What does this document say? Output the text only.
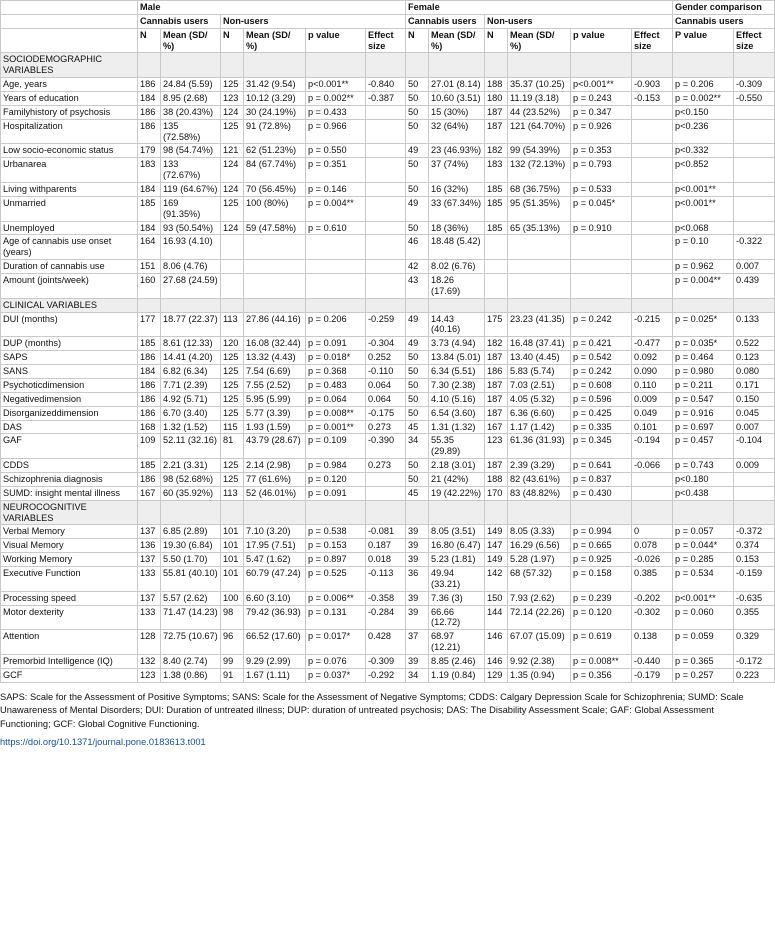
	Male						Female						Gender comparison	
	Cannabis users		Non-users				Cannabis users		Non-users				Cannabis users	
	N	Mean (SD/ %)	N	Mean (SD/ %)	p value	Effect size	N	Mean (SD/ %)	N	Mean (SD/ %)	p value	Effect size	P value	Effect size
SOCIODEMOGRAPHIC VARIABLES														
Age, years	186	24.84 (5.59)	125	31.42 (9.54)	p<0.001**	-0.840	50	27.01 (8.14)	188	35.37 (10.25)	p<0.001**	-0.903	p = 0.206	-0.309
Years of education	184	8.95 (2.68)	123	10.12 (3.29)	p = 0.002**	-0.387	50	10.60 (3.51)	180	11.19 (3.18)	p = 0.243	-0.153	p = 0.002**	-0.550
Familyhistory of psychosis	186	38 (20.43%)	124	30 (24.19%)	p = 0.433		50	15 (30%)	187	44 (23.52%)	p = 0.347		p<0.150	
Hospitalization	186	135 (72.58%)	125	91 (72.8%)	p = 0.966		50	32 (64%)	187	121 (64.70%)	p = 0.926		p<0.236	
Low socio-economic status	179	98 (54.74%)	121	62 (51.23%)	p = 0.550		49	23 (46.93%)	182	99 (54.39%)	p = 0.353		p<0.332	
Urbanarea	183	133 (72.67%)	124	84 (67.74%)	p = 0.351		50	37 (74%)	183	132 (72.13%)	p = 0.793		p<0.852	
Living withparents	184	119 (64.67%)	124	70 (56.45%)	p = 0.146		50	16 (32%)	185	68 (36.75%)	p = 0.533		p<0.001**	
Unmarried	185	169 (91.35%)	125	100 (80%)	p = 0.004**		49	33 (67.34%)	185	95 (51.35%)	p = 0.045*		p<0.001**	
Unemployed	184	93 (50.54%)	124	59 (47.58%)	p = 0.610		50	18 (36%)	185	65 (35.13%)	p = 0.910		p<0.068	
Age of cannabis use onset (years)	164	16.93 (4.10)					46	18.48 (5.42)					p = 0.10	-0.322
Duration of cannabis use	151	8.06 (4.76)					42	8.02 (6.76)					p = 0.962	0.007
Amount (joints/week)	160	27.68 (24.59)					43	18.26 (17.69)					p = 0.004**	0.439
CLINICAL VARIABLES														
DUI (months)	177	18.77 (22.37)	113	27.86 (44.16)	p = 0.206	-0.259	49	14.43 (40.16)	175	23.23 (41.35)	p = 0.242	-0.215	p = 0.025*	0.133
DUP (months)	185	8.61 (12.33)	120	16.08 (32.44)	p = 0.091	-0.304	49	3.73 (4.94)	182	16.48 (37.41)	p = 0.421	-0.477	p = 0.035*	0.522
SAPS	186	14.41 (4.20)	125	13.32 (4.43)	p = 0.018*	0.252	50	13.84 (5.01)	187	13.40 (4.45)	p = 0.542	0.092	p = 0.464	0.123
SANS	184	6.82 (6.34)	125	7.54 (6.69)	p = 0.368	-0.110	50	6.34 (5.51)	186	5.83 (5.74)	p = 0.242	0.090	p = 0.980	0.080
Psychoticdimension	186	7.71 (2.39)	125	7.55 (2.52)	p = 0.483	0.064	50	7.30 (2.38)	187	7.03 (2.51)	p = 0.608	0.110	p = 0.211	0.171
Negativedimension	186	4.92 (5.71)	125	5.95 (5.99)	p = 0.064	0.064	50	4.10 (5.16)	187	4.05 (5.32)	p = 0.596	0.009	p = 0.547	0.150
Disorganizeddimension	186	6.70 (3.40)	125	5.77 (3.39)	p = 0.008**	-0.175	50	6.54 (3.60)	187	6.36 (6.60)	p = 0.425	0.049	p = 0.916	0.045
DAS	168	1.32 (1.52)	115	1.93 (1.59)	p = 0.001**	0.273	45	1.31 (1.32)	167	1.17 (1.42)	p = 0.335	0.101	p = 0.697	0.007
GAF	109	52.11 (32.16)	81	43.79 (28.67)	p = 0.109	-0.390	34	55.35 (29.89)	123	61.36 (31.93)	p = 0.345	-0.194	p = 0.457	-0.104
CDDS	185	2.21 (3.31)	125	2.14 (2.98)	p = 0.984	0.273	50	2.18 (3.01)	187	2.39 (3.29)	p = 0.641	-0.066	p = 0.743	0.009
Schizophrenia diagnosis	186	98 (52.68%)	125	77 (61.6%)	p = 0.120		50	21 (42%)	188	82 (43.61%)	p = 0.837		p<0.180	
SUMD: insight mental illness	167	60 (35.92%)	113	52 (46.01%)	p = 0.091		45	19 (42.22%)	170	83 (48.82%)	p = 0.430		p<0.438	
NEUROCOGNITIVE VARIABLES														
Verbal Memory	137	6.85 (2.89)	101	7.10 (3.20)	p = 0.538	-0.081	39	8.05 (3.51)	149	8.05 (3.33)	p = 0.994	0	p = 0.057	-0.372
Visual Memory	136	19.30 (6.84)	101	17.95 (7.51)	p = 0.153	0.187	39	16.80 (6.47)	147	16.29 (6.56)	p = 0.665	0.078	p = 0.044*	0.374
Working Memory	137	5.50 (1.70)	101	5.47 (1.62)	p = 0.897	0.018	39	5.23 (1.81)	149	5.28 (1.97)	p = 0.925	-0.026	p = 0.285	0.153
Executive Function	133	55.81 (40.10)	101	60.79 (47.24)	p = 0.525	-0.113	36	49.94 (33.21)	142	68 (57.32)	p = 0.158	0.385	p = 0.534	-0.159
Processing speed	137	5.57 (2.62)	100	6.60 (3.10)	p = 0.006**	-0.358	39	7.36 (3)	150	7.93 (2.62)	p = 0.239	-0.202	p<0.001**	-0.635
Motor dexterity	133	71.47 (14.23)	98	79.42 (36.93)	p = 0.131	-0.284	39	66.66 (12.72)	144	72.14 (22.26)	p = 0.120	-0.302	p = 0.060	0.355
Attention	128	72.75 (10.67)	96	66.52 (17.60)	p = 0.017*	0.428	37	68.97 (12.21)	146	67.07 (15.09)	p = 0.619	0.138	p = 0.059	0.329
Premorbid Intelligence (IQ)	132	8.40 (2.74)	99	9.29 (2.99)	p = 0.076	-0.309	39	8.85 (2.46)	146	9.92 (2.38)	p = 0.008**	-0.440	p = 0.365	-0.172
GCF	123	1.38 (0.86)	91	1.67 (1.11)	p = 0.037*	-0.292	34	1.19 (0.84)	129	1.35 (0.94)	p = 0.356	-0.179	p = 0.257	0.223
SAPS: Scale for the Assessment of Positive Symptoms; SANS: Scale for the Assessment of Negative Symptoms; CDDS: Calgary Depression Scale for Schizophrenia; SUMD: Scale Unawareness of Mental Disorders; DUI: Duration of untreated illness; DUP: duration of untreated psychosis; DAS: The Disability Assessment Scale; GAF: Global Assessment Functioning; GCF: Global Cognitive Functioning.
https://doi.org/10.1371/journal.pone.0183613.t001
